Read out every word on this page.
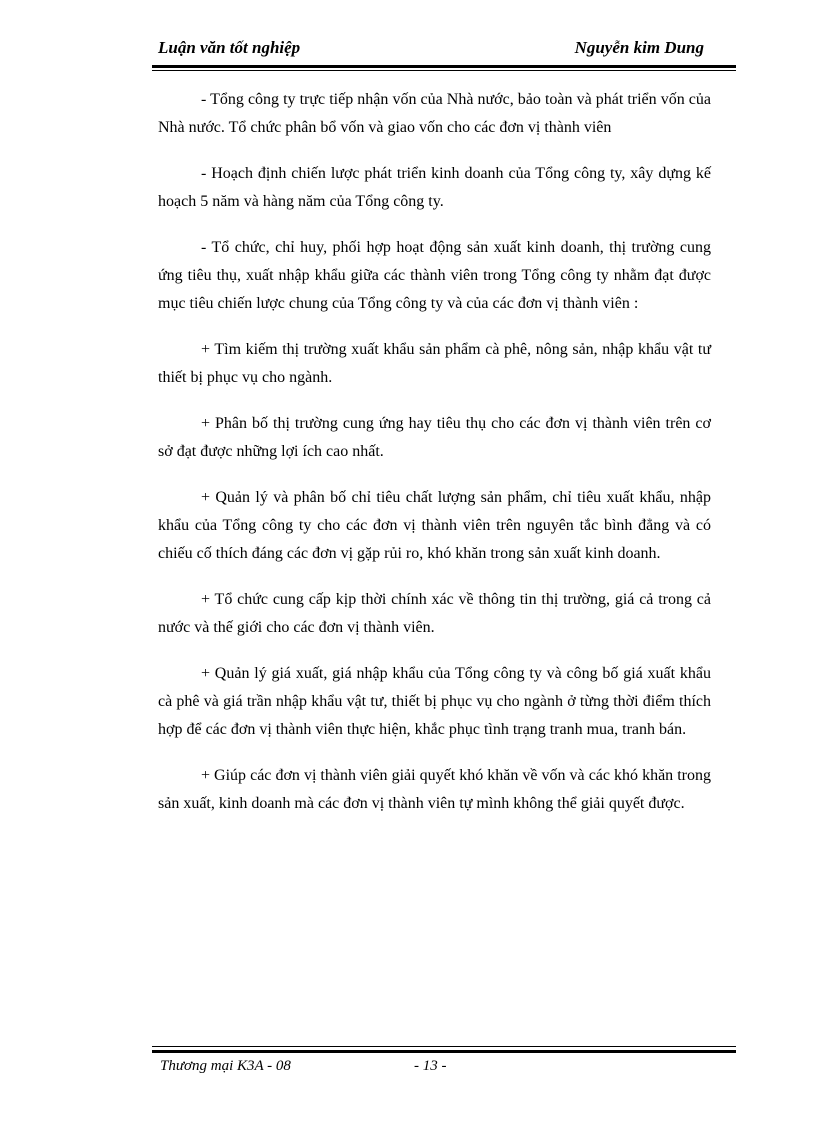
Luận văn tốt nghiệp	Nguyễn kim Dung

- Tổng công ty trực tiếp nhận vốn của Nhà nước, bảo toàn và phát triển vốn của Nhà nước. Tổ chức phân bổ vốn và giao vốn cho các đơn vị thành viên

- Hoạch định chiến lược phát triển kinh doanh của Tổng công ty, xây dựng kế hoạch 5 năm và hàng năm của Tổng công ty.

- Tổ chức, chỉ huy, phối hợp hoạt động sản xuất kinh doanh, thị trường cung ứng tiêu thụ, xuất nhập khẩu giữa các thành viên trong Tổng công ty nhằm đạt được mục tiêu chiến lược chung của Tổng công ty và của các đơn vị thành viên :

+ Tìm kiếm thị trường xuất khẩu sản phẩm cà phê, nông sản, nhập khẩu vật tư thiết bị phục vụ cho ngành.

+ Phân bố thị trường cung ứng hay tiêu thụ cho các đơn vị thành viên trên cơ sở đạt được những lợi ích cao nhất.

+ Quản lý và phân bố chỉ tiêu chất lượng sản phẩm, chỉ tiêu xuất khẩu, nhập khẩu của Tổng công ty cho các đơn vị thành viên trên nguyên tắc bình đẳng và có chiếu cố thích đáng các đơn vị gặp rủi ro, khó khăn trong sản xuất kinh doanh.

+ Tổ chức cung cấp kịp thời chính xác về thông tin thị trường, giá cả trong cả nước và thế giới cho các đơn vị thành viên.

+ Quản lý giá xuất, giá nhập khẩu của Tổng công ty và công bố giá xuất khẩu cà phê và giá trần nhập khẩu vật tư, thiết bị phục vụ cho ngành ở từng thời điểm thích hợp để các đơn vị thành viên thực hiện, khắc phục tình trạng tranh mua, tranh bán.

+ Giúp các đơn vị thành viên giải quyết khó khăn về vốn và các khó khăn trong sản xuất, kinh doanh mà các đơn vị thành viên tự mình không thể giải quyết được.

Thương mại K3A - 08	- 13 -
